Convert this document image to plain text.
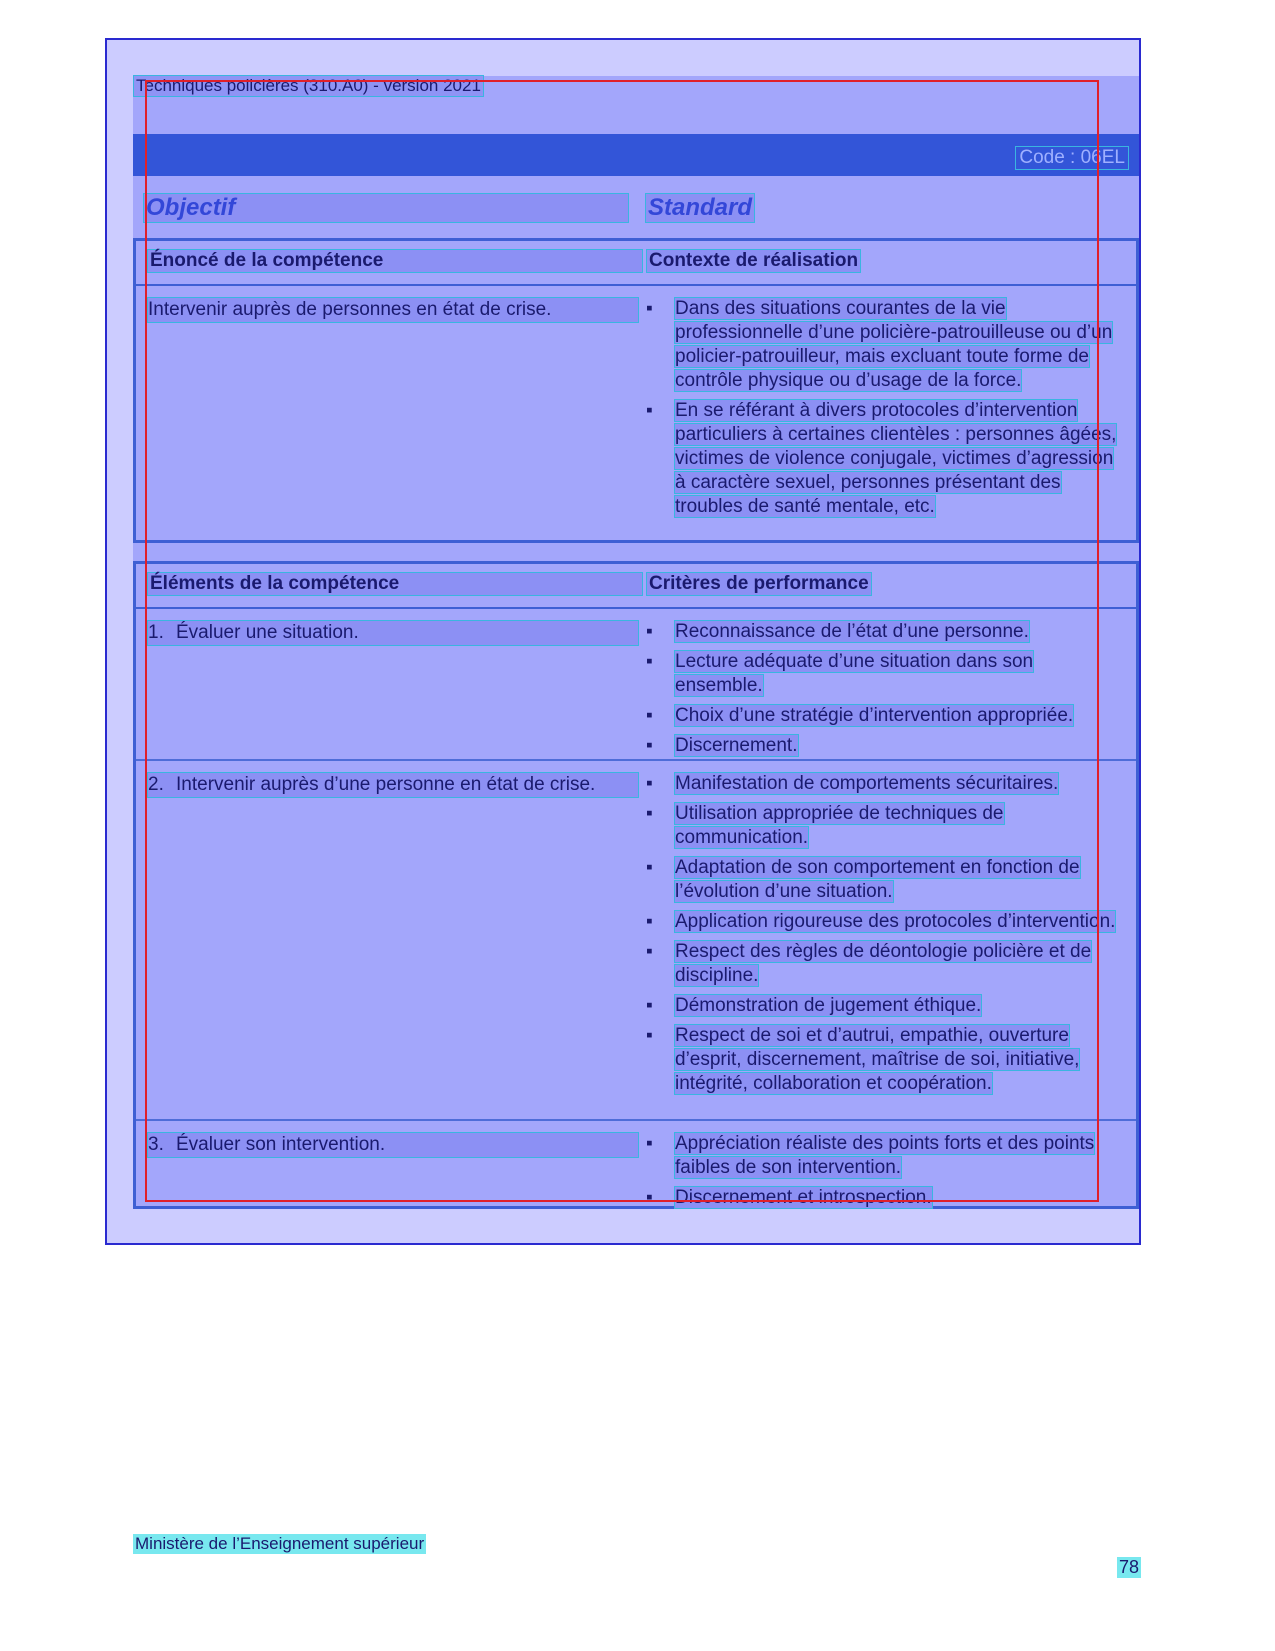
Techniques policières (310.A0) - version 2021
Code : 06EL
Objectif	Standard
Énoncé de la compétence	Contexte de réalisation
Intervenir auprès de personnes en état de crise.	▪ Dans des situations courantes de la vie professionnelle d’une policière-patrouilleuse ou d’un policier-patrouilleur, mais excluant toute forme de contrôle physique ou d’usage de la force.
▪ En se référant à divers protocoles d’intervention particuliers à certaines clientèles : personnes âgées, victimes de violence conjugale, victimes d’agression à caractère sexuel, personnes présentant des troubles de santé mentale, etc.
Éléments de la compétence	Critères de performance
1. Évaluer une situation.	▪ Reconnaissance de l’état d’une personne.
▪ Lecture adéquate d’une situation dans son ensemble.
▪ Choix d’une stratégie d’intervention appropriée.
▪ Discernement.
2. Intervenir auprès d’une personne en état de crise.	▪ Manifestation de comportements sécuritaires.
▪ Utilisation appropriée de techniques de communication.
▪ Adaptation de son comportement en fonction de l’évolution d’une situation.
▪ Application rigoureuse des protocoles d’intervention.
▪ Respect des règles de déontologie policière et de discipline.
▪ Démonstration de jugement éthique.
▪ Respect de soi et d’autrui, empathie, ouverture d’esprit, discernement, maîtrise de soi, initiative, intégrité, collaboration et coopération.
3. Évaluer son intervention.	▪ Appréciation réaliste des points forts et des points faibles de son intervention.
▪ Discernement et introspection.
Ministère de l’Enseignement supérieur
78
